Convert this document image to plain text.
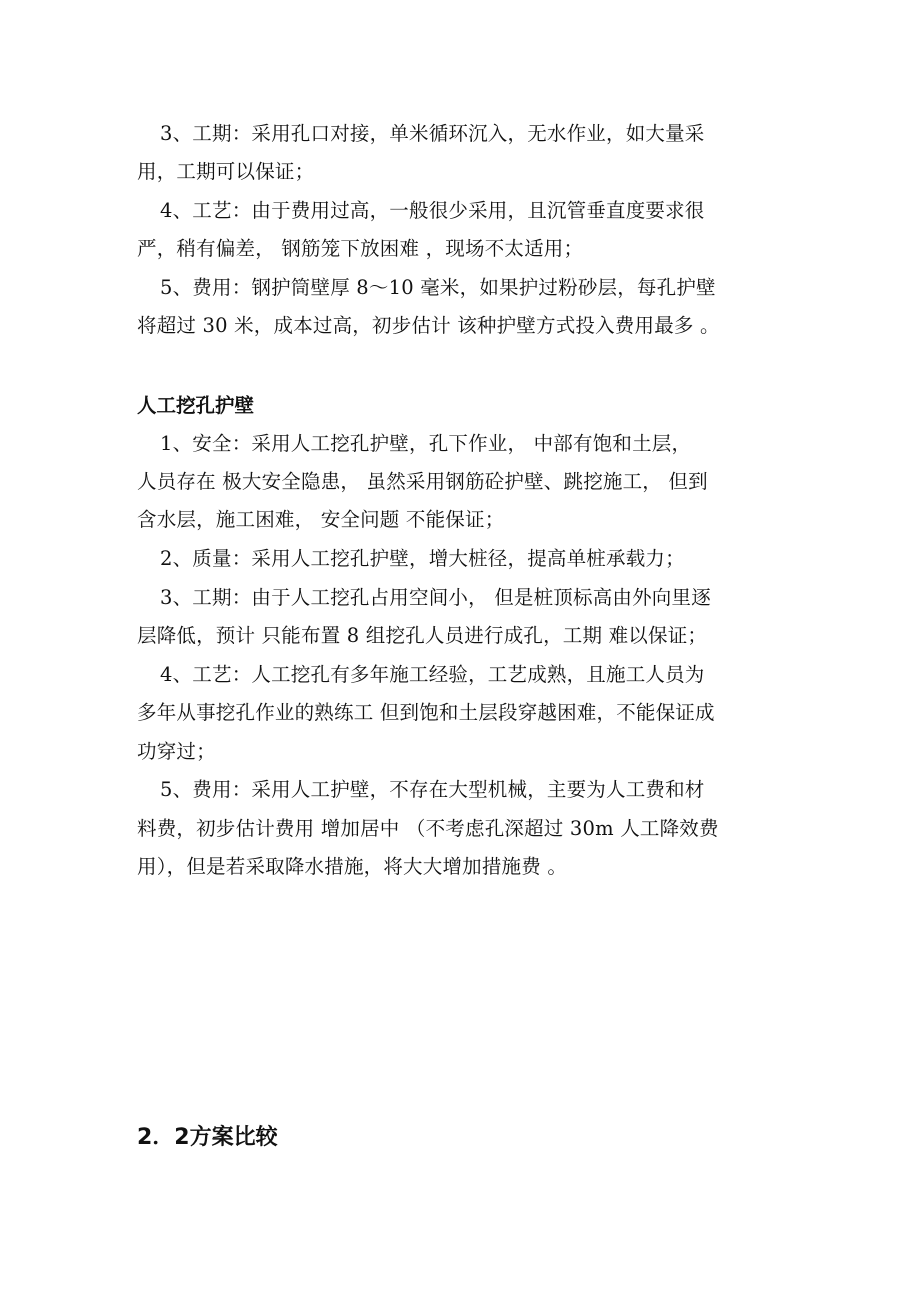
3、工期：采用孔口对接，单米循环沉入，无水作业，如大量采
用，工期可以保证；
4、工艺：由于费用过高，一般很少采用，且沉管垂直度要求很
严，稍有偏差， 钢筋笼下放困难 ，现场不太适用；
5、费用：钢护筒壁厚 8～10 毫米，如果护过粉砂层，每孔护壁
将超过 30 米，成本过高，初步估计 该种护壁方式投入费用最多 。
人工挖孔护壁
1、安全：采用人工挖孔护壁，孔下作业， 中部有饱和土层，
人员存在 极大安全隐患， 虽然采用钢筋砼护壁、跳挖施工， 但到
含水层，施工困难， 安全问题 不能保证；
2、质量：采用人工挖孔护壁，增大桩径，提高单桩承载力；
3、工期：由于人工挖孔占用空间小， 但是桩顶标高由外向里逐
层降低，预计 只能布置 8 组挖孔人员进行成孔，工期 难以保证；
4、工艺：人工挖孔有多年施工经验，工艺成熟，且施工人员为
多年从事挖孔作业的熟练工 但到饱和土层段穿越困难，不能保证成
功穿过；
5、费用：采用人工护壁，不存在大型机械，主要为人工费和材
料费，初步估计费用 增加居中 （不考虑孔深超过 30m 人工降效费
用），但是若采取降水措施，将大大增加措施费 。
2．2方案比较
